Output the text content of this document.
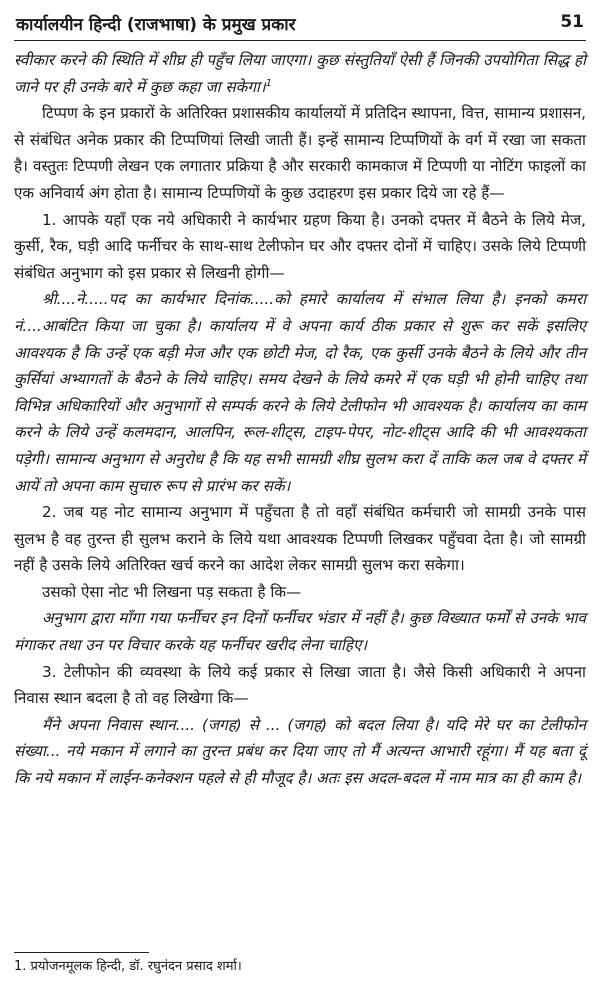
कार्यालयीन हिन्दी (राजभाषा) के प्रमुख प्रकार	51

स्वीकार करने की स्थिति में शीघ्र ही पहुँच लिया जाएगा। कुछ संस्तुतियाँ ऐसी हैं जिनकी उपयोगिता सिद्ध हो जाने पर ही उनके बारे में कुछ कहा जा सकेगा।$^1$

टिप्पण के इन प्रकारों के अतिरिक्त प्रशासकीय कार्यालयों में प्रतिदिन स्थापना, वित्त, सामान्य प्रशासन, से संबंधित अनेक प्रकार की टिप्पणियां लिखी जाती हैं। इन्हें सामान्य टिप्पणियों के वर्ग में रखा जा सकता है। वस्तुतः टिप्पणी लेखन एक लगातार प्रक्रिया है और सरकारी कामकाज में टिप्पणी या नोटिंग फाइलों का एक अनिवार्य अंग होता है। सामान्य टिप्पणियों के कुछ उदाहरण इस प्रकार दिये जा रहे हैं—

1. आपके यहाँ एक नये अधिकारी ने कार्यभार ग्रहण किया है। उनको दफ्तर में बैठने के लिये मेज, कुर्सी, रैक, घड़ी आदि फर्नीचर के साथ-साथ टेलीफोन घर और दफ्तर दोनों में चाहिए। उसके लिये टिप्पणी संबंधित अनुभाग को इस प्रकार से लिखनी होगी—

श्री....ने.....पद का कार्यभार दिनांक.....को हमारे कार्यालय में संभाल लिया है। इनको कमरा नं....आबंटित किया जा चुका है। कार्यालय में वे अपना कार्य ठीक प्रकार से शुरू कर सकें इसलिए आवश्यक है कि उन्हें एक बड़ी मेज और एक छोटी मेज, दो रैक, एक कुर्सी उनके बैठने के लिये और तीन कुर्सियां अभ्यागतों के बैठने के लिये चाहिए। समय देखने के लिये कमरे में एक घड़ी भी होनी चाहिए तथा विभिन्न अधिकारियों और अनुभागों से सम्पर्क करने के लिये टेलीफोन भी आवश्यक है। कार्यालय का काम करने के लिये उन्हें कलमदान, आलपिन, रूल-शीट्स, टाइप-पेपर, नोट-शीट्स आदि की भी आवश्यकता पड़ेगी। सामान्य अनुभाग से अनुरोध है कि यह सभी सामग्री शीघ्र सुलभ करा दें ताकि कल जब वे दफ्तर में आयें तो अपना काम सुचारु रूप से प्रारंभ कर सकें।

2. जब यह नोट सामान्य अनुभाग में पहुँचता है तो वहाँ संबंधित कर्मचारी जो सामग्री उनके पास सुलभ है वह तुरन्त ही सुलभ कराने के लिये यथा आवश्यक टिप्पणी लिखकर पहुँचवा देता है। जो सामग्री नहीं है उसके लिये अतिरिक्त खर्च करने का आदेश लेकर सामग्री सुलभ करा सकेगा।

उसको ऐसा नोट भी लिखना पड़ सकता है कि—

अनुभाग द्वारा माँगा गया फर्नीचर इन दिनों फर्नीचर भंडार में नहीं है। कुछ विख्यात फर्मों से उनके भाव मंगाकर तथा उन पर विचार करके यह फर्नीचर खरीद लेना चाहिए।

3. टेलीफोन की व्यवस्था के लिये कई प्रकार से लिखा जाता है। जैसे किसी अधिकारी ने अपना निवास स्थान बदला है तो वह लिखेगा कि—

मैंने अपना निवास स्थान.... (जगह) से ... (जगह) को बदल लिया है। यदि मेरे घर का टेलीफोन संख्या... नये मकान में लगाने का तुरन्त प्रबंध कर दिया जाए तो मैं अत्यन्त आभारी रहूंगा। मैं यह बता दूं कि नये मकान में लाईन-कनेक्शन पहले से ही मौजूद है। अतः इस अदल-बदल में नाम मात्र का ही काम है।

1. प्रयोजनमूलक हिन्दी, डॉ. रघुनंदन प्रसाद शर्मा।
